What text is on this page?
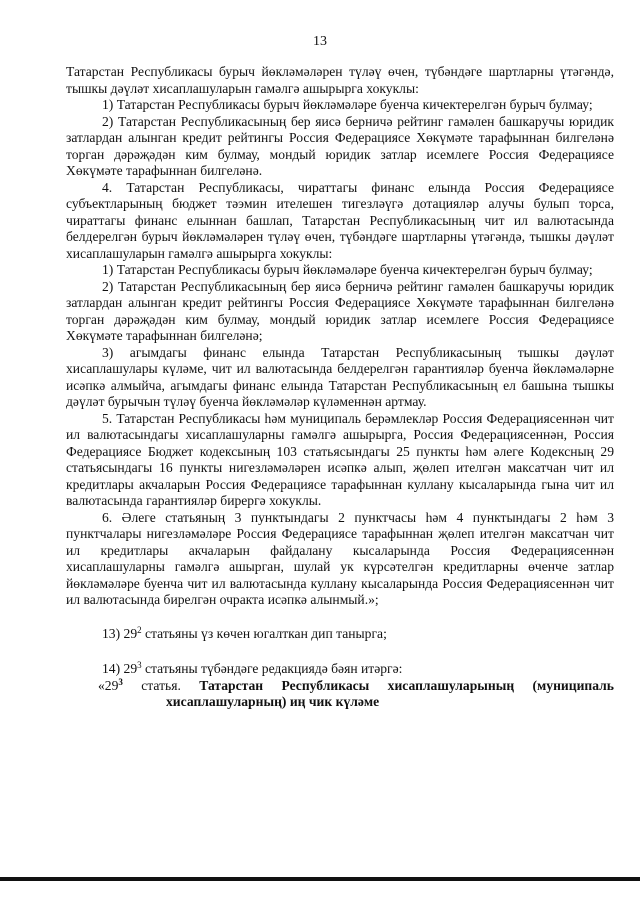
13

Татарстан Республикасы бурыч йөкләмәләрен түләү өчен, түбәндәге шартларны үтәгәндә, тышкы дәүләт хисаплашуларын гамәлгә ашырырга хокуклы:

1) Татарстан Республикасы бурыч йөкләмәләре буенча кичектерелгән бурыч булмау;

2) Татарстан Республикасының бер яисә берничә рейтинг гамәлен башкаручы юридик затлардан алынган кредит рейтингы Россия Федерациясе Хөкүмәте тарафыннан билгеләнә торган дәрәҗәдән ким булмау, мондый юридик затлар исемлеге Россия Федерациясе Хөкүмәте тарафыннан билгеләнә.

4. Татарстан Республикасы, чираттагы финанс елында Россия Федерациясе субъектларының бюджет тәэмин ителешен тигезләүгә дотацияләр алучы булып торса, чираттагы финанс елыннан башлап, Татарстан Республикасының чит ил валютасында белдерелгән бурыч йөкләмәләрен түләү өчен, түбәндәге шартларны үтәгәндә, тышкы дәүләт хисаплашуларын гамәлгә ашырырга хокуклы:

1) Татарстан Республикасы бурыч йөкләмәләре буенча кичектерелгән бурыч булмау;

2) Татарстан Республикасының бер яисә берничә рейтинг гамәлен башкаручы юридик затлардан алынган кредит рейтингы Россия Федерациясе Хөкүмәте тарафыннан билгеләнә торган дәрәҗәдән ким булмау, мондый юридик затлар исемлеге Россия Федерациясе Хөкүмәте тарафыннан билгеләнә;

3) агымдагы финанс елында Татарстан Республикасының тышкы дәүләт хисаплашулары күләме, чит ил валютасында белдерелгән гарантияләр буенча йөкләмәләрне исәпкә алмыйча, агымдагы финанс елында Татарстан Республикасының ел башына тышкы дәүләт бурычын түләү буенча йөкләмәләр күләменнән артмау.

5. Татарстан Республикасы һәм муниципаль берәмлекләр Россия Федерациясеннән чит ил валютасындагы хисаплашуларны гамәлгә ашырырга, Россия Федерациясеннән, Россия Федерациясе Бюджет кодексының 103 статьясындагы 25 пункты һәм әлеге Кодексның 29 статьясындагы 16 пункты нигезләмәләрен исәпкә алып, җөлеп ителгән максатчан чит ил кредитлары акчаларын Россия Федерациясе тарафыннан куллану кысаларында гына чит ил валютасында гарантияләр бирергә хокуклы.

6. Әлеге статьяның 3 пунктындагы 2 пунктчасы һәм 4 пунктындагы 2 һәм 3 пунктчалары нигезләмәләре Россия Федерациясе тарафыннан җөлеп ителгән максатчан чит ил кредитлары акчаларын файдалану кысаларында Россия Федерациясеннән хисаплашуларны гамәлгә ашырган, шулай ук күрсәтелгән кредитларны өченче затлар йөкләмәләре буенча чит ил валютасында куллану кысаларында Россия Федерациясеннән чит ил валютасында бирелгән очракта исәпкә алынмый.»;

13) $29^2$ статьяны үз көчен югалткан дип танырга;

14) $29^3$ статьяны түбәндәге редакциядә бәян итәргә:

«$29^3$ статья. Татарстан Республикасы хисаплашуларының (муниципаль хисаплашуларның) иң чик күләме
